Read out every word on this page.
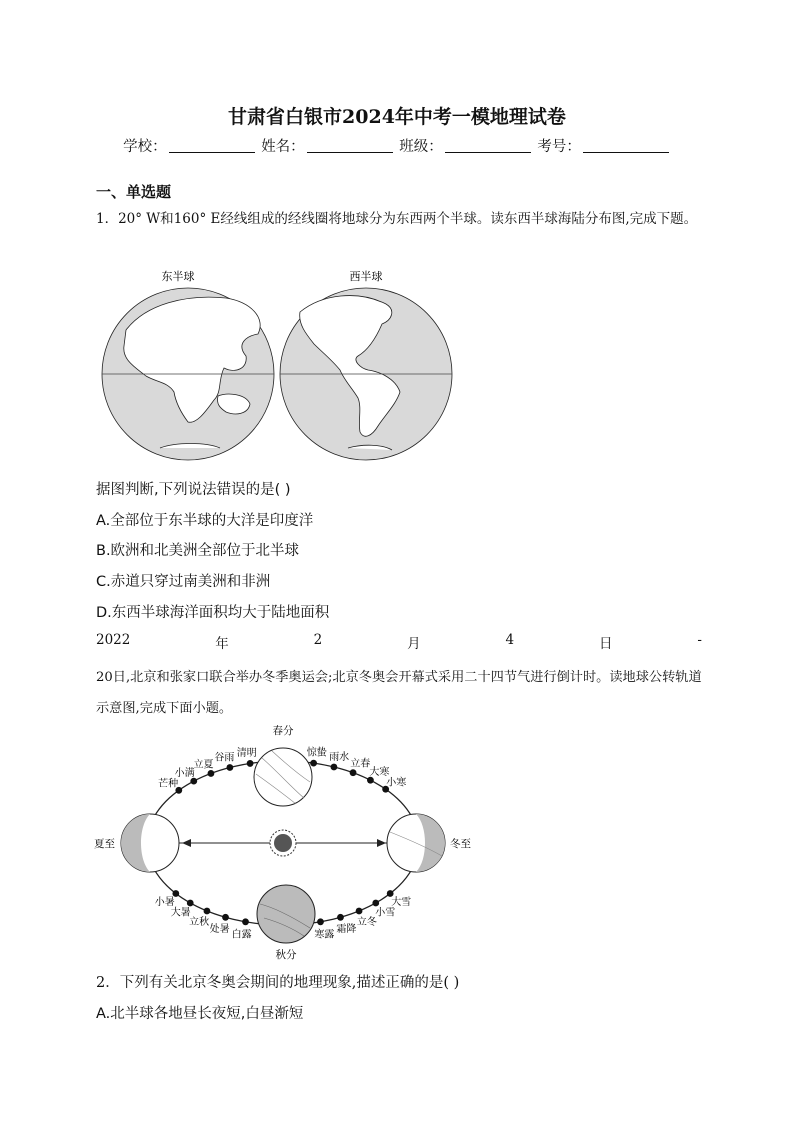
甘肃省白银市2024年中考一模地理试卷
学校：	姓名：	班级：	考号：
一、单选题
1．20° W和160° E经线组成的经线圈将地球分为东西两个半球。读东西半球海陆分布图,完成下题。
东半球	西半球
据图判断,下列说法错误的是( )
A.全部位于东半球的大洋是印度洋
B.欧洲和北美洲全部位于北半球
C.赤道只穿过南美洲和非洲
D.东西半球海洋面积均大于陆地面积
2022	年	2	月	4	日	-
20日,北京和张家口联合举办冬季奥运会;北京冬奥会开幕式采用二十四节气进行倒计时。读地球公转轨道示意图,完成下面小题。
春分
夏至
秋分
冬至
惊蛰 雨水
立春
大寒
小寒
大雪
小雪
立冬
霜降
寒露
白露
处暑
立秋
大暑
小暑
芒种
小满
立夏
谷雨 清明
2．下列有关北京冬奥会期间的地理现象,描述正确的是( )
A.北半球各地昼长夜短,白昼渐短
